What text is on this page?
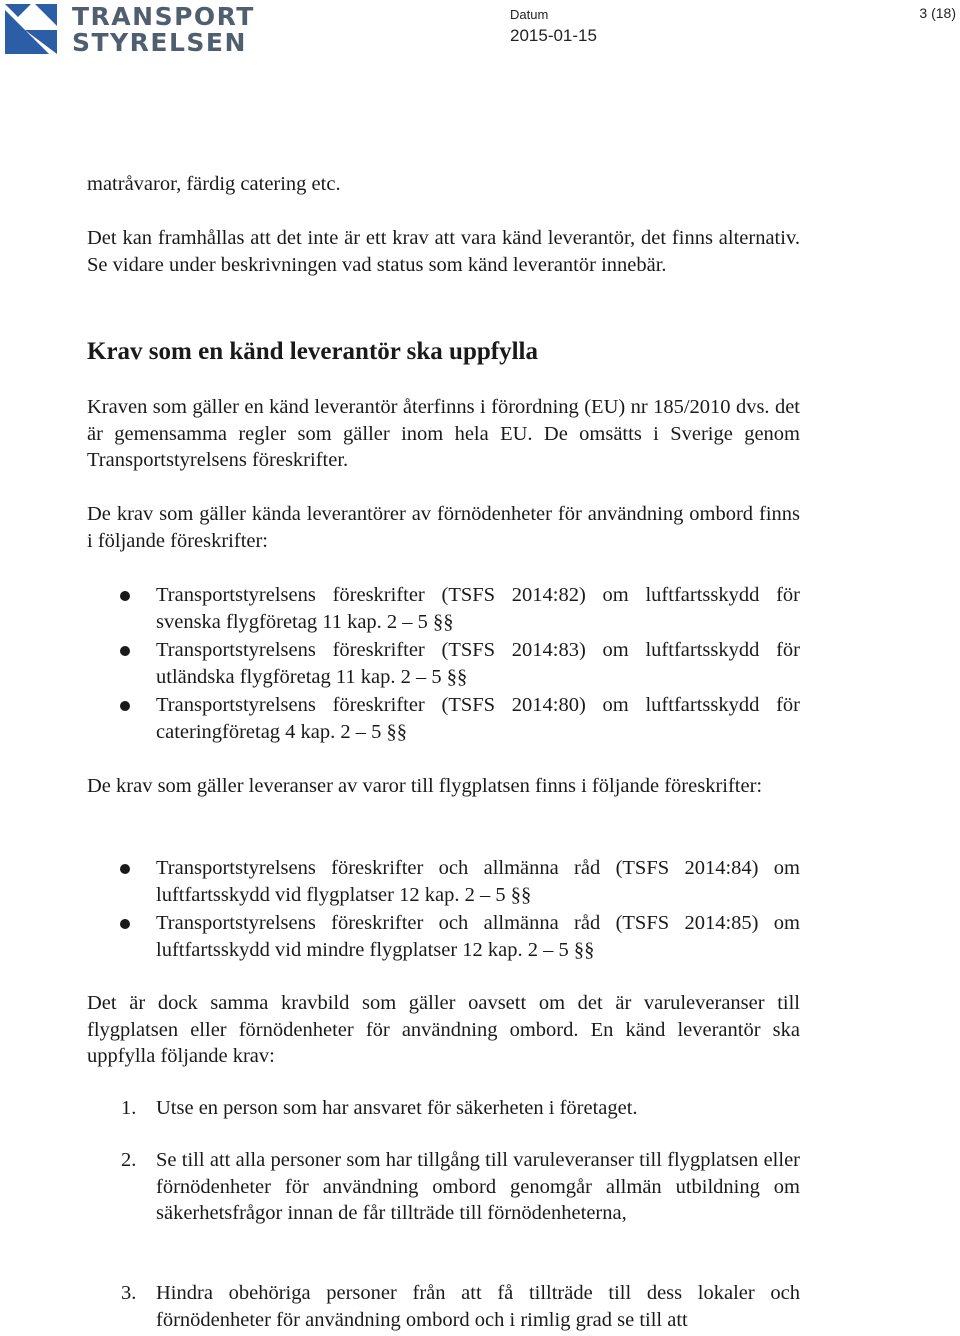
TRANSPORT
STYRELSEN
Datum
2015-01-15
3 (18)

matråvaror, färdig catering etc.

Det kan framhållas att det inte är ett krav att vara känd leverantör, det finns alternativ. Se vidare under beskrivningen vad status som känd leverantör innebär.

Krav som en känd leverantör ska uppfylla

Kraven som gäller en känd leverantör återfinns i förordning (EU) nr 185/2010 dvs. det är gemensamma regler som gäller inom hela EU. De omsätts i Sverige genom Transportstyrelsens föreskrifter.

De krav som gäller kända leverantörer av förnödenheter för användning ombord finns i följande föreskrifter:

Transportstyrelsens föreskrifter (TSFS 2014:82) om luftfartsskydd för svenska flygföretag 11 kap. 2 – 5 §§

Transportstyrelsens föreskrifter (TSFS 2014:83) om luftfartsskydd för utländska flygföretag 11 kap. 2 – 5 §§

Transportstyrelsens föreskrifter (TSFS 2014:80) om luftfartsskydd för cateringföretag 4 kap. 2 – 5 §§

De krav som gäller leveranser av varor till flygplatsen finns i följande föreskrifter:

Transportstyrelsens föreskrifter och allmänna råd (TSFS 2014:84) om luftfartsskydd vid flygplatser 12 kap. 2 – 5 §§

Transportstyrelsens föreskrifter och allmänna råd (TSFS 2014:85) om luftfartsskydd vid mindre flygplatser 12 kap. 2 – 5 §§

Det är dock samma kravbild som gäller oavsett om det är varuleveranser till flygplatsen eller förnödenheter för användning ombord. En känd leverantör ska uppfylla följande krav:

1. Utse en person som har ansvaret för säkerheten i företaget.

2. Se till att alla personer som har tillgång till varuleveranser till flygplatsen eller förnödenheter för användning ombord genomgår allmän utbildning om säkerhetsfrågor innan de får tillträde till förnödenheterna,

3. Hindra obehöriga personer från att få tillträde till dess lokaler och förnödenheter för användning ombord och i rimlig grad se till att
